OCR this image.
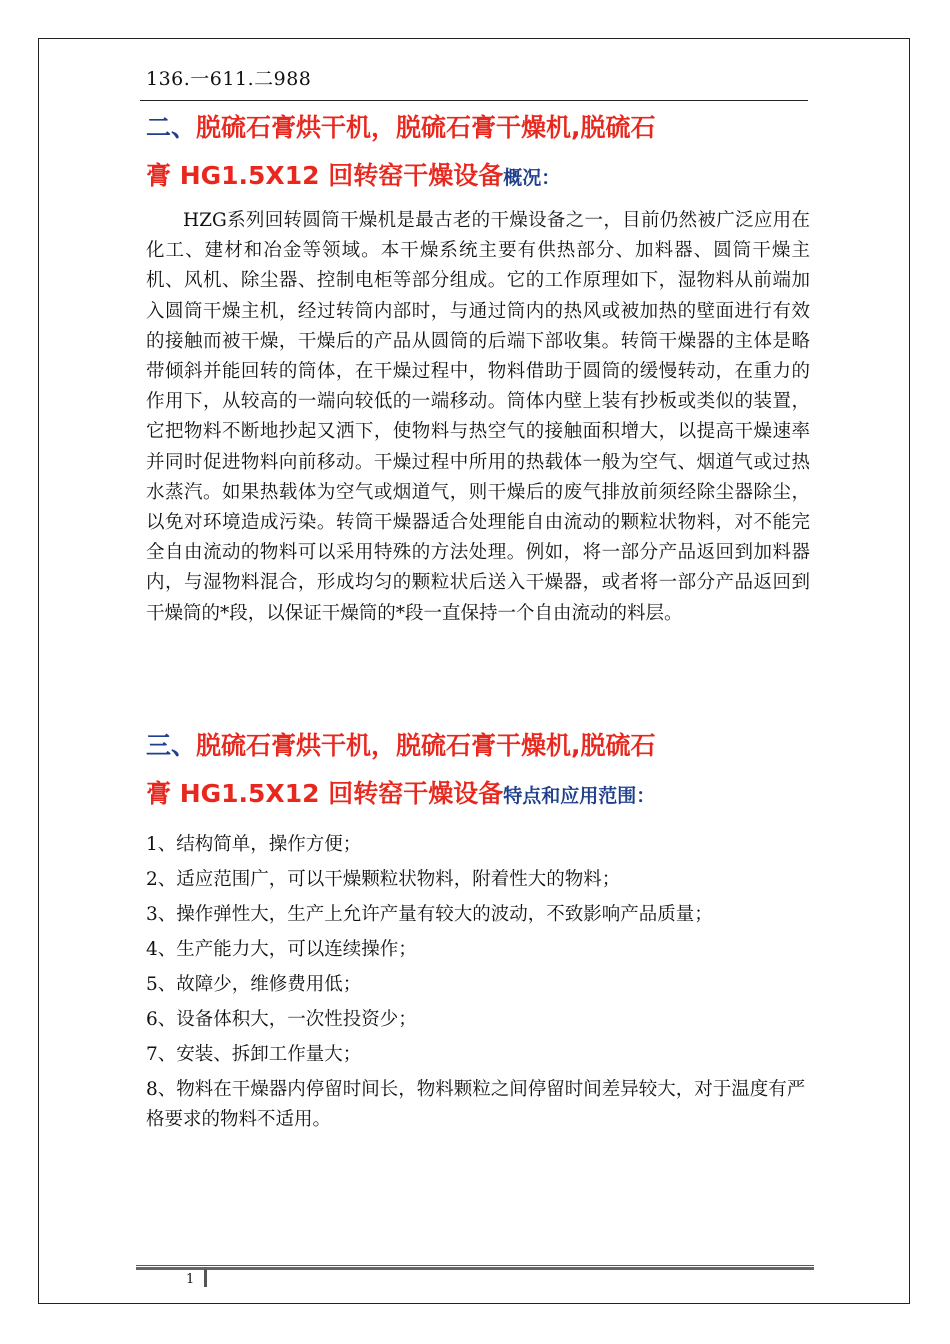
136.一611.二988
二、脱硫石膏烘干机，脱硫石膏干燥机,脱硫石
膏 HG1.5X12 回转窑干燥设备概况：
HZG系列回转圆筒干燥机是最古老的干燥设备之一，目前仍然被广泛应用在化工、建材和冶金等领域。本干燥系统主要有供热部分、加料器、圆筒干燥主机、风机、除尘器、控制电柜等部分组成。它的工作原理如下，湿物料从前端加入圆筒干燥主机，经过转筒内部时，与通过筒内的热风或被加热的壁面进行有效的接触而被干燥，干燥后的产品从圆筒的后端下部收集。转筒干燥器的主体是略带倾斜并能回转的筒体，在干燥过程中，物料借助于圆筒的缓慢转动，在重力的作用下，从较高的一端向较低的一端移动。筒体内壁上装有抄板或类似的装置，它把物料不断地抄起又洒下，使物料与热空气的接触面积增大，以提高干燥速率并同时促进物料向前移动。干燥过程中所用的热载体一般为空气、烟道气或过热水蒸汽。如果热载体为空气或烟道气，则干燥后的废气排放前须经除尘器除尘，以免对环境造成污染。转筒干燥器适合处理能自由流动的颗粒状物料，对不能完全自由流动的物料可以采用特殊的方法处理。例如，将一部分产品返回到加料器内，与湿物料混合，形成均匀的颗粒状后送入干燥器，或者将一部分产品返回到干燥筒的*段，以保证干燥筒的*段一直保持一个自由流动的料层。
三、脱硫石膏烘干机，脱硫石膏干燥机,脱硫石
膏 HG1.5X12 回转窑干燥设备特点和应用范围：
1、结构简单，操作方便；
2、适应范围广，可以干燥颗粒状物料，附着性大的物料；
3、操作弹性大，生产上允许产量有较大的波动，不致影响产品质量；
4、生产能力大，可以连续操作；
5、故障少，维修费用低；
6、设备体积大，一次性投资少；
7、安装、拆卸工作量大；
8、物料在干燥器内停留时间长，物料颗粒之间停留时间差异较大，对于温度有严格要求的物料不适用。
1
